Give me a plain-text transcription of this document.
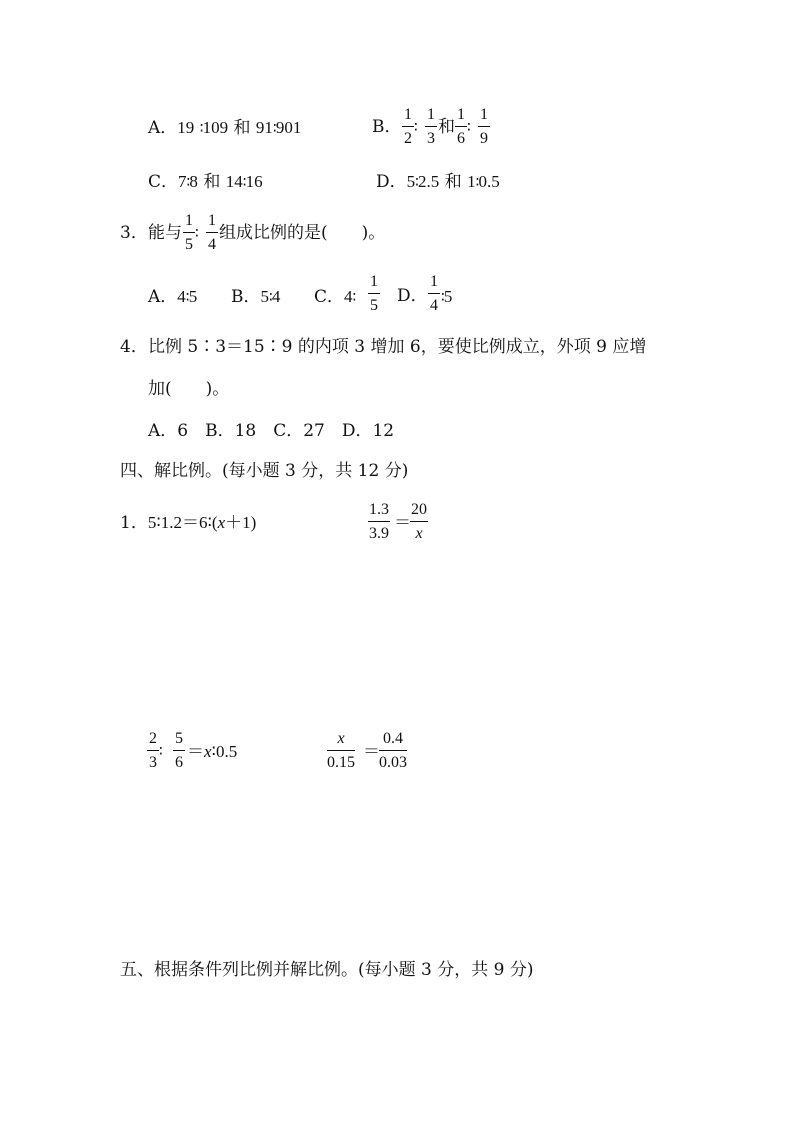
A．19 ∶109 和 91∶901	B． $\frac{1}{2}$ ∶ $\frac{1}{3}$ 和 $\frac{1}{6}$ ∶ $\frac{1}{9}$
C．7∶8 和 14∶16	D．5∶2.5 和 1∶0.5
3． 能与 $\frac{1}{5}$ ∶ $\frac{1}{4}$ 组成比例的是(　　)。
A．4∶5 B．5∶4 C．4∶ $\frac{1}{5}$ D． $\frac{1}{4}$ ∶5
4． 比例 5∶3＝15∶9 的内项 3 增加 6，要使比例成立，外项 9 应增
加(　　)。
A．6　B．18　C．27　D．12
四、解比例。(每小题 3 分，共 12 分)
1．5∶1.2＝6∶(x＋1)	$\frac{1.3}{3.9} = \frac{20}{x}$
$\frac{2}{3}$ ∶ $\frac{5}{6}$ ＝x∶0.5	$\frac{x}{0.15} = \frac{0.4}{0.03}$
五、根据条件列比例并解比例。(每小题 3 分，共 9 分)
